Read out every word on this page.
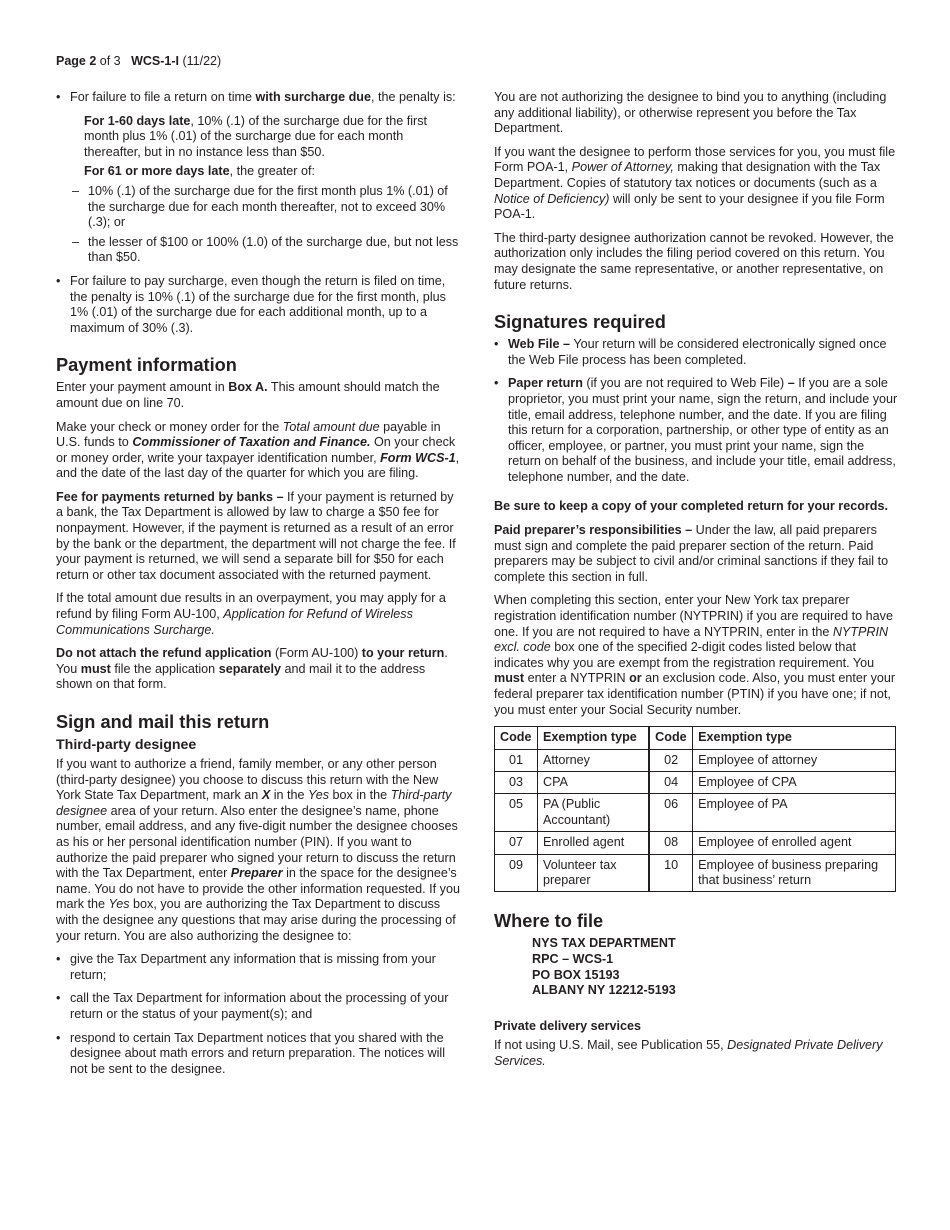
Page 2 of 3 WCS-1-I (11/22)
• For failure to file a return on time with surcharge due, the penalty is:

For 1-60 days late, 10% (.1) of the surcharge due for the first month plus 1% (.01) of the surcharge due for each month thereafter, but in no instance less than $50.

For 61 or more days late, the greater of:

– 10% (.1) of the surcharge due for the first month plus 1% (.01) of the surcharge due for each month thereafter, not to exceed 30% (.3); or
– the lesser of $100 or 100% (1.0) of the surcharge due, but not less than $50.
• For failure to pay surcharge, even though the return is filed on time, the penalty is 10% (.1) of the surcharge due for the first month, plus 1% (.01) of the surcharge due for each additional month, up to a maximum of 30% (.3).
Payment information

Enter your payment amount in Box A. This amount should match the amount due on line 70.

Make your check or money order for the Total amount due payable in U.S. funds to Commissioner of Taxation and Finance. On your check or money order, write your taxpayer identification number, Form WCS-1, and the date of the last day of the quarter for which you are filing.

Fee for payments returned by banks – If your payment is returned by a bank, the Tax Department is allowed by law to charge a $50 fee for nonpayment. However, if the payment is returned as a result of an error by the bank or the department, the department will not charge the fee. If your payment is returned, we will send a separate bill for $50 for each return or other tax document associated with the returned payment.

If the total amount due results in an overpayment, you may apply for a refund by filing Form AU-100, Application for Refund of Wireless Communications Surcharge.

Do not attach the refund application (Form AU-100) to your return. You must file the application separately and mail it to the address shown on that form.

Sign and mail this return
Third-party designee

If you want to authorize a friend, family member, or any other person (third-party designee) you choose to discuss this return with the New York State Tax Department, mark an X in the Yes box in the Third-party designee area of your return. Also enter the designee’s name, phone number, email address, and any five-digit number the designee chooses as his or her personal identification number (PIN). If you want to authorize the paid preparer who signed your return to discuss the return with the Tax Department, enter Preparer in the space for the designee’s name. You do not have to provide the other information requested. If you mark the Yes box, you are authorizing the Tax Department to discuss with the designee any questions that may arise during the processing of your return. You are also authorizing the designee to:

• give the Tax Department any information that is missing from your return;
• call the Tax Department for information about the processing of your return or the status of your payment(s); and
• respond to certain Tax Department notices that you shared with the designee about math errors and return preparation. The notices will not be sent to the designee.

You are not authorizing the designee to bind you to anything (including any additional liability), or otherwise represent you before the Tax Department.

If you want the designee to perform those services for you, you must file Form POA-1, Power of Attorney, making that designation with the Tax Department. Copies of statutory tax notices or documents (such as a Notice of Deficiency) will only be sent to your designee if you file Form POA-1.

The third-party designee authorization cannot be revoked. However, the authorization only includes the filing period covered on this return. You may designate the same representative, or another representative, on future returns.

Signatures required
• Web File – Your return will be considered electronically signed once the Web File process has been completed.
• Paper return (if you are not required to Web File) – If you are a sole proprietor, you must print your name, sign the return, and include your title, email address, telephone number, and the date. If you are filing this return for a corporation, partnership, or other type of entity as an officer, employee, or partner, you must print your name, sign the return on behalf of the business, and include your title, email address, telephone number, and the date.

Be sure to keep a copy of your completed return for your records.

Paid preparer’s responsibilities – Under the law, all paid preparers must sign and complete the paid preparer section of the return. Paid preparers may be subject to civil and/or criminal sanctions if they fail to complete this section in full.

When completing this section, enter your New York tax preparer registration identification number (NYTPRIN) if you are required to have one. If you are not required to have a NYTPRIN, enter in the NYTPRIN excl. code box one of the specified 2-digit codes listed below that indicates why you are exempt from the registration requirement. You must enter a NYTPRIN or an exclusion code. Also, you must enter your federal preparer tax identification number (PTIN) if you have one; if not, you must enter your Social Security number.

Code	Exemption type	Code	Exemption type
01	Attorney	02	Employee of attorney
03	CPA	04	Employee of CPA
05	PA (Public Accountant)	06	Employee of PA
07	Enrolled agent	08	Employee of enrolled agent
09	Volunteer tax preparer	10	Employee of business preparing that business’ return
Where to file
NYS TAX DEPARTMENT
RPC – WCS-1
PO BOX 15193
ALBANY NY 12212-5193

Private delivery services

If not using U.S. Mail, see Publication 55, Designated Private Delivery Services.
